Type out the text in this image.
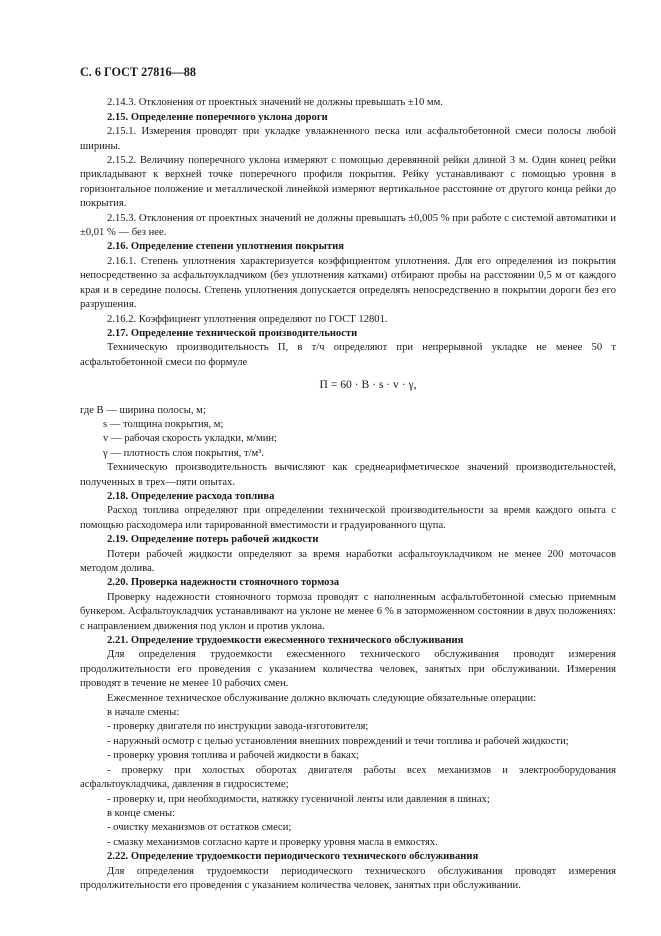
С. 6 ГОСТ 27816—88

2.14.3. Отклонения от проектных значений не должны превышать ±10 мм.

2.15. Определение поперечного уклона дороги

2.15.1. Измерения проводят при укладке увлажненного песка или асфальтобетонной смеси полосы любой ширины.

2.15.2. Величину поперечного уклона измеряют с помощью деревянной рейки длиной 3 м. Один конец рейки прикладывают к верхней точке поперечного профиля покрытия. Рейку устанавливают с помощью уровня в горизонтальное положение и металлической линейкой измеряют вертикальное расстояние от другого конца рейки до покрытия.

2.15.3. Отклонения от проектных значений не должны превышать ±0,005 % при работе с системой автоматики и ±0,01 % — без нее.

2.16. Определение степени уплотнения покрытия

2.16.1. Степень уплотнения характеризуется коэффициентом уплотнения. Для его определения из покрытия непосредственно за асфальтоукладчиком (без уплотнения катками) отбирают пробы на расстоянии 0,5 м от каждого края и в середине полосы. Степень уплотнения допускается определять непосредственно в покрытии дороги без его разрушения.

2.16.2. Коэффициент уплотнения определяют по ГОСТ 12801.

2.17. Определение технической производительности

Техническую производительность П, в т/ч определяют при непрерывной укладке не менее 50 т асфальтобетонной смеси по формуле

П = 60 · B · s · v · γ,
где B — ширина полосы, м;
s — толщина покрытия, м;
v — рабочая скорость укладки, м/мин;
γ — плотность слоя покрытия, т/м³.

Техническую производительность вычисляют как среднеарифметическое значений производительностей, полученных в трех—пяти опытах.

2.18. Определение расхода топлива

Расход топлива определяют при определении технической производительности за время каждого опыта с помощью расходомера или тарированной вместимости и градуированного щупа.

2.19. Определение потерь рабочей жидкости

Потери рабочей жидкости определяют за время наработки асфальтоукладчиком не менее 200 моточасов методом долива.

2.20. Проверка надежности стояночного тормоза

Проверку надежности стояночного тормоза проводят с наполненным асфальтобетонной смесью приемным бункером. Асфальтоукладчик устанавливают на уклоне не менее 6 % в заторможенном состоянии в двух положениях: с направлением движения под уклон и против уклона.

2.21. Определение трудоемкости ежесменного технического обслуживания

Для определения трудоемкости ежесменного технического обслуживания проводят измерения продолжительности его проведения с указанием количества человек, занятых при обслуживании. Измерения проводят в течение не менее 10 рабочих смен.

Ежесменное техническое обслуживание должно включать следующие обязательные операции:

в начале смены:

- проверку двигателя по инструкции завода-изготовителя;

- наружный осмотр с целью установления внешних повреждений и течи топлива и рабочей жидкости;

- проверку уровня топлива и рабочей жидкости в баках;

- проверку при холостых оборотах двигателя работы всех механизмов и электрооборудования асфальтоукладчика, давления в гидросистеме;

- проверку и, при необходимости, натяжку гусеничной ленты или давления в шинах;

в конце смены:

- очистку механизмов от остатков смеси;

- смазку механизмов согласно карте и проверку уровня масла в емкостях.

2.22. Определение трудоемкости периодического технического обслуживания

Для определения трудоемкости периодического технического обслуживания проводят измерения продолжительности его проведения с указанием количества человек, занятых при обслуживании.
